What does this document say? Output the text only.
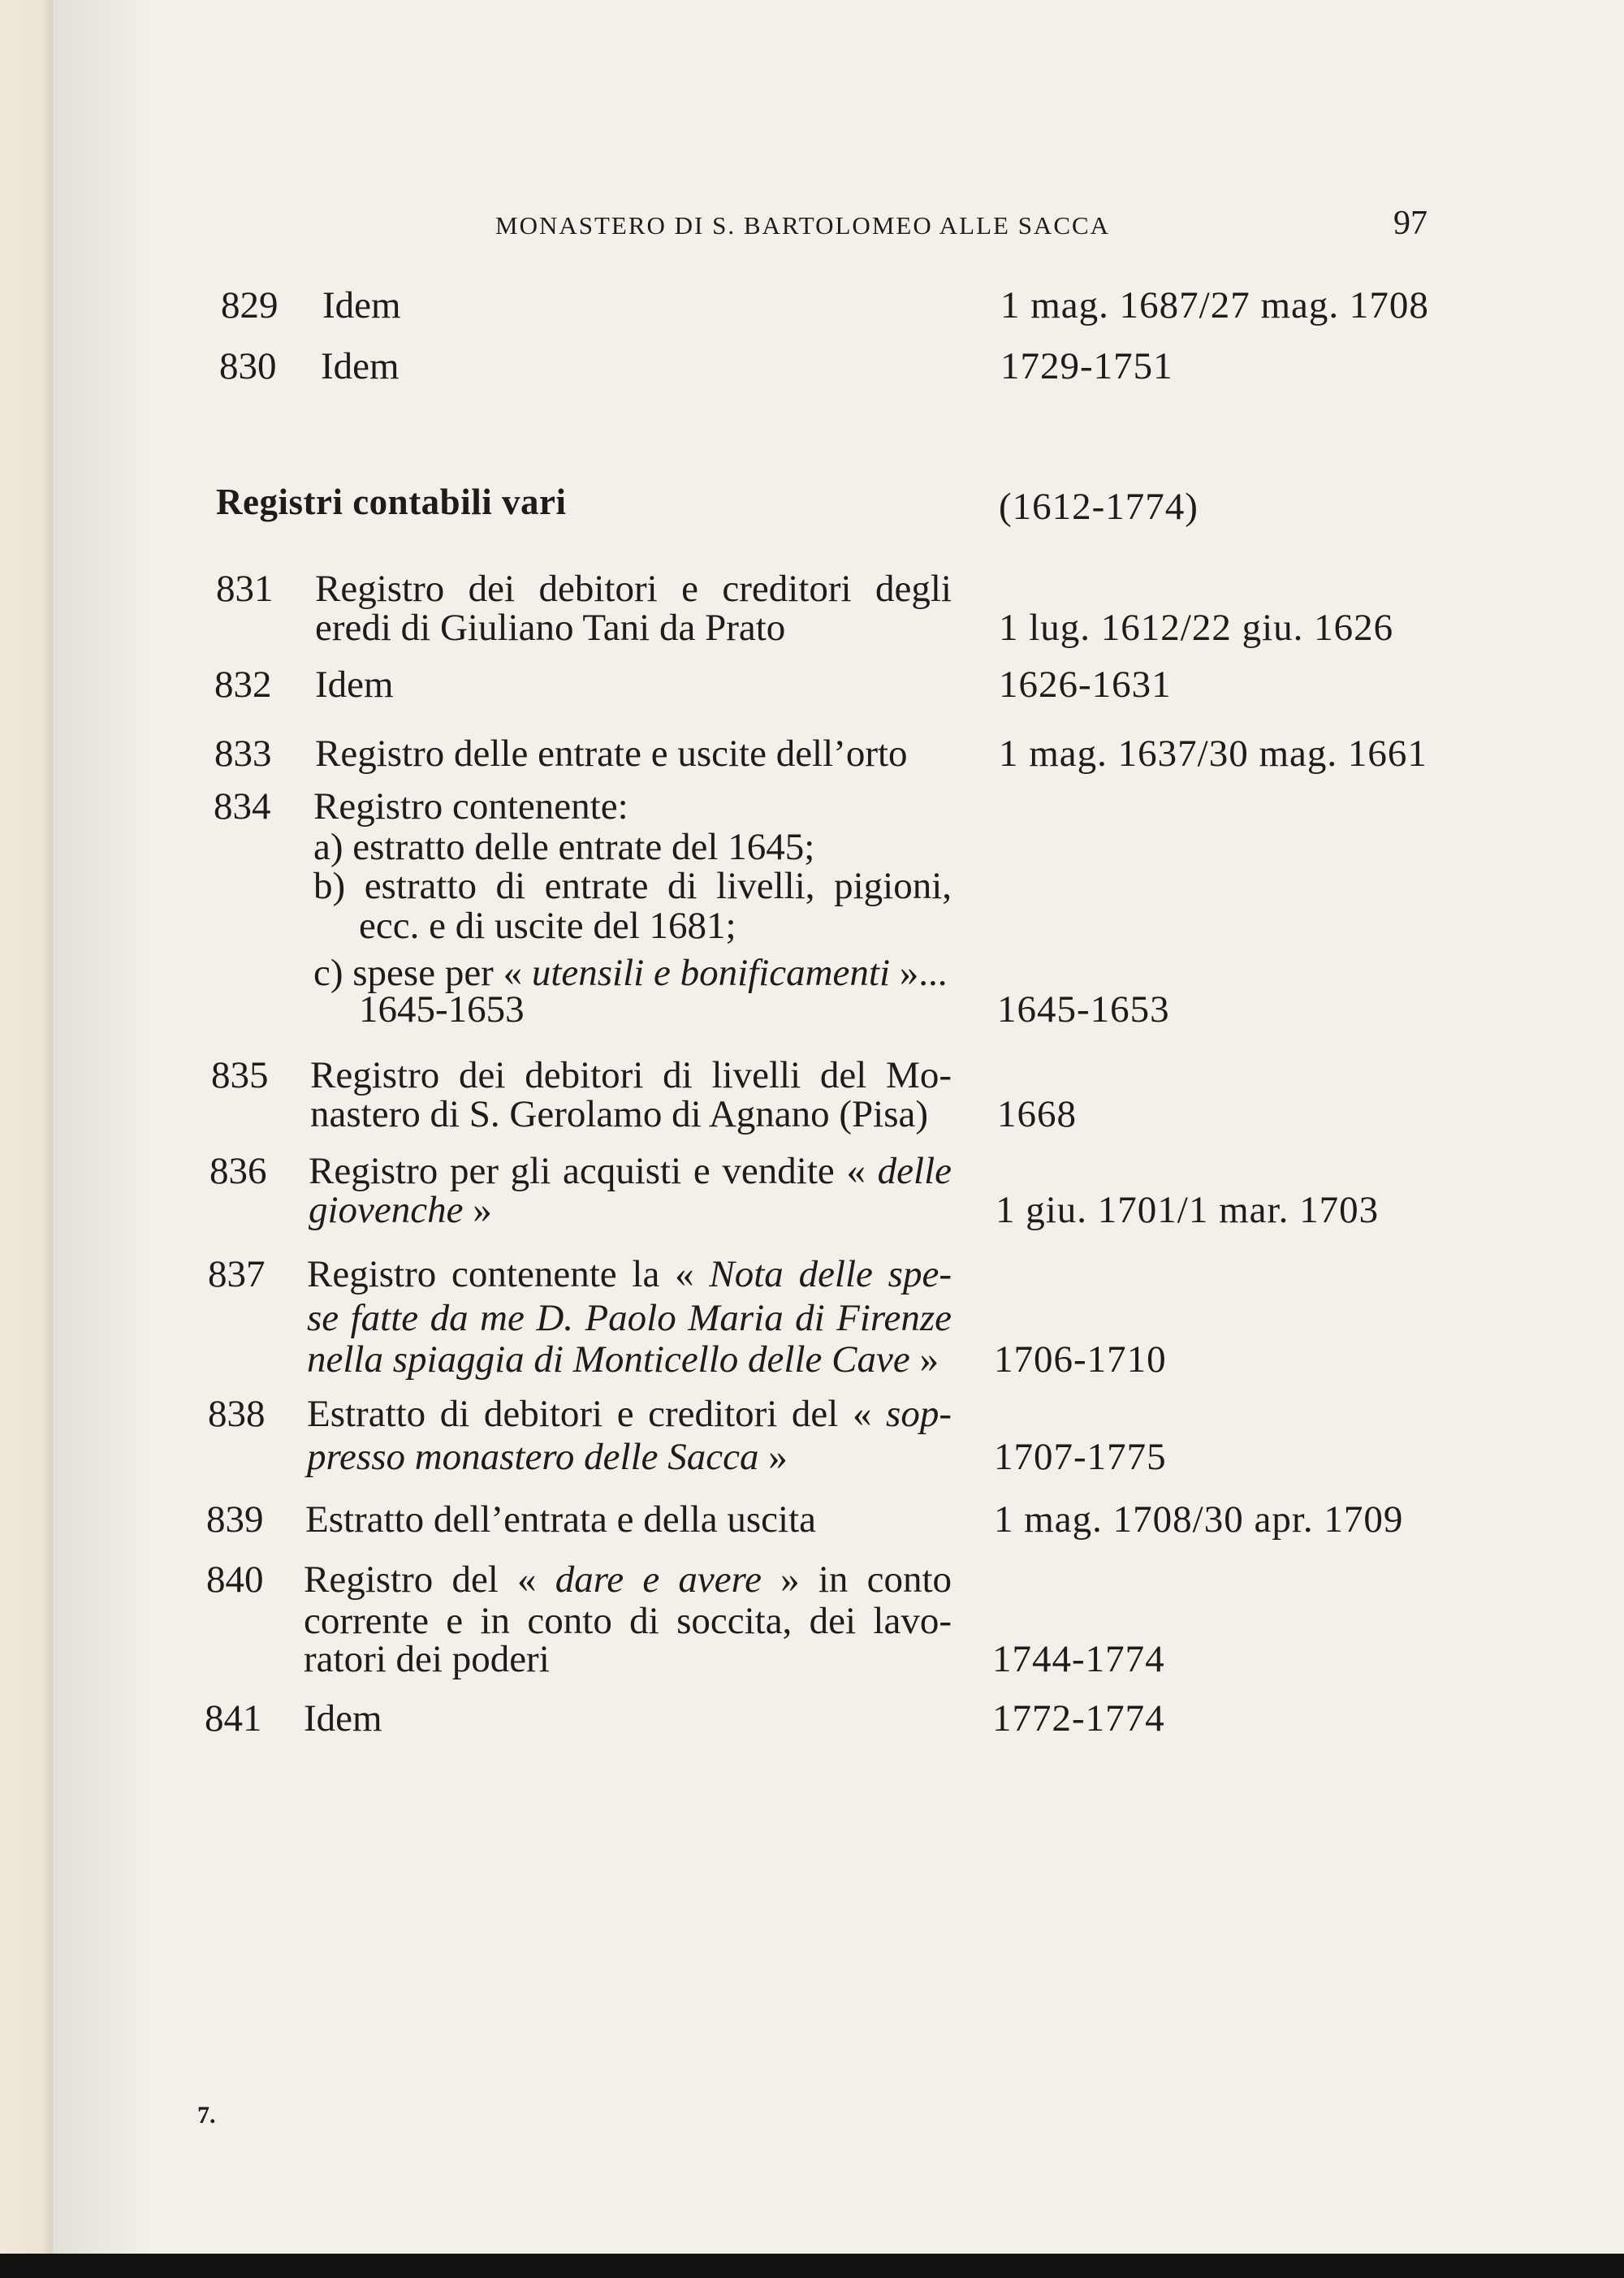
MONASTERO DI S. BARTOLOMEO ALLE SACCA	97
Registri contabili vari	(1612-1774)
7.
829 Idem	1 mag. 1687/27 mag. 1708
830 Idem	1729-1751
831 Registro dei debitori e creditori degli
eredi di Giuliano Tani da Prato	1 lug. 1612/22 giu. 1626
832 Idem	1626-1631
833 Registro delle entrate e uscite dell’orto 1 mag. 1637/30 mag. 1661
834 Registro contenente:
a) estratto delle entrate del 1645;
b) estratto di entrate di livelli, pigioni,
ecc. e di uscite del 1681;
c) spese per « utensili e bonificamenti »...
1645-1653	1645-1653
835 Registro dei debitori di livelli del Mo-
nastero di S. Gerolamo di Agnano (Pisa) 1668
836 Registro per gli acquisti e vendite « delle
giovenche »	1 giu. 1701/1 mar. 1703
837 Registro contenente la « Nota delle spe-
se fatte da me D. Paolo Maria di Firenze
nella spiaggia di Monticello delle Cave » 1706-1710
838 Estratto di debitori e creditori del « sop-
presso monastero delle Sacca »	1707-1775
839 Estratto dell’entrata e della uscita	1 mag. 1708/30 apr. 1709
840 Registro del « dare e avere » in conto
corrente e in conto di soccita, dei lavo-
ratori dei poderi	1744-1774
841 Idem	1772-1774
